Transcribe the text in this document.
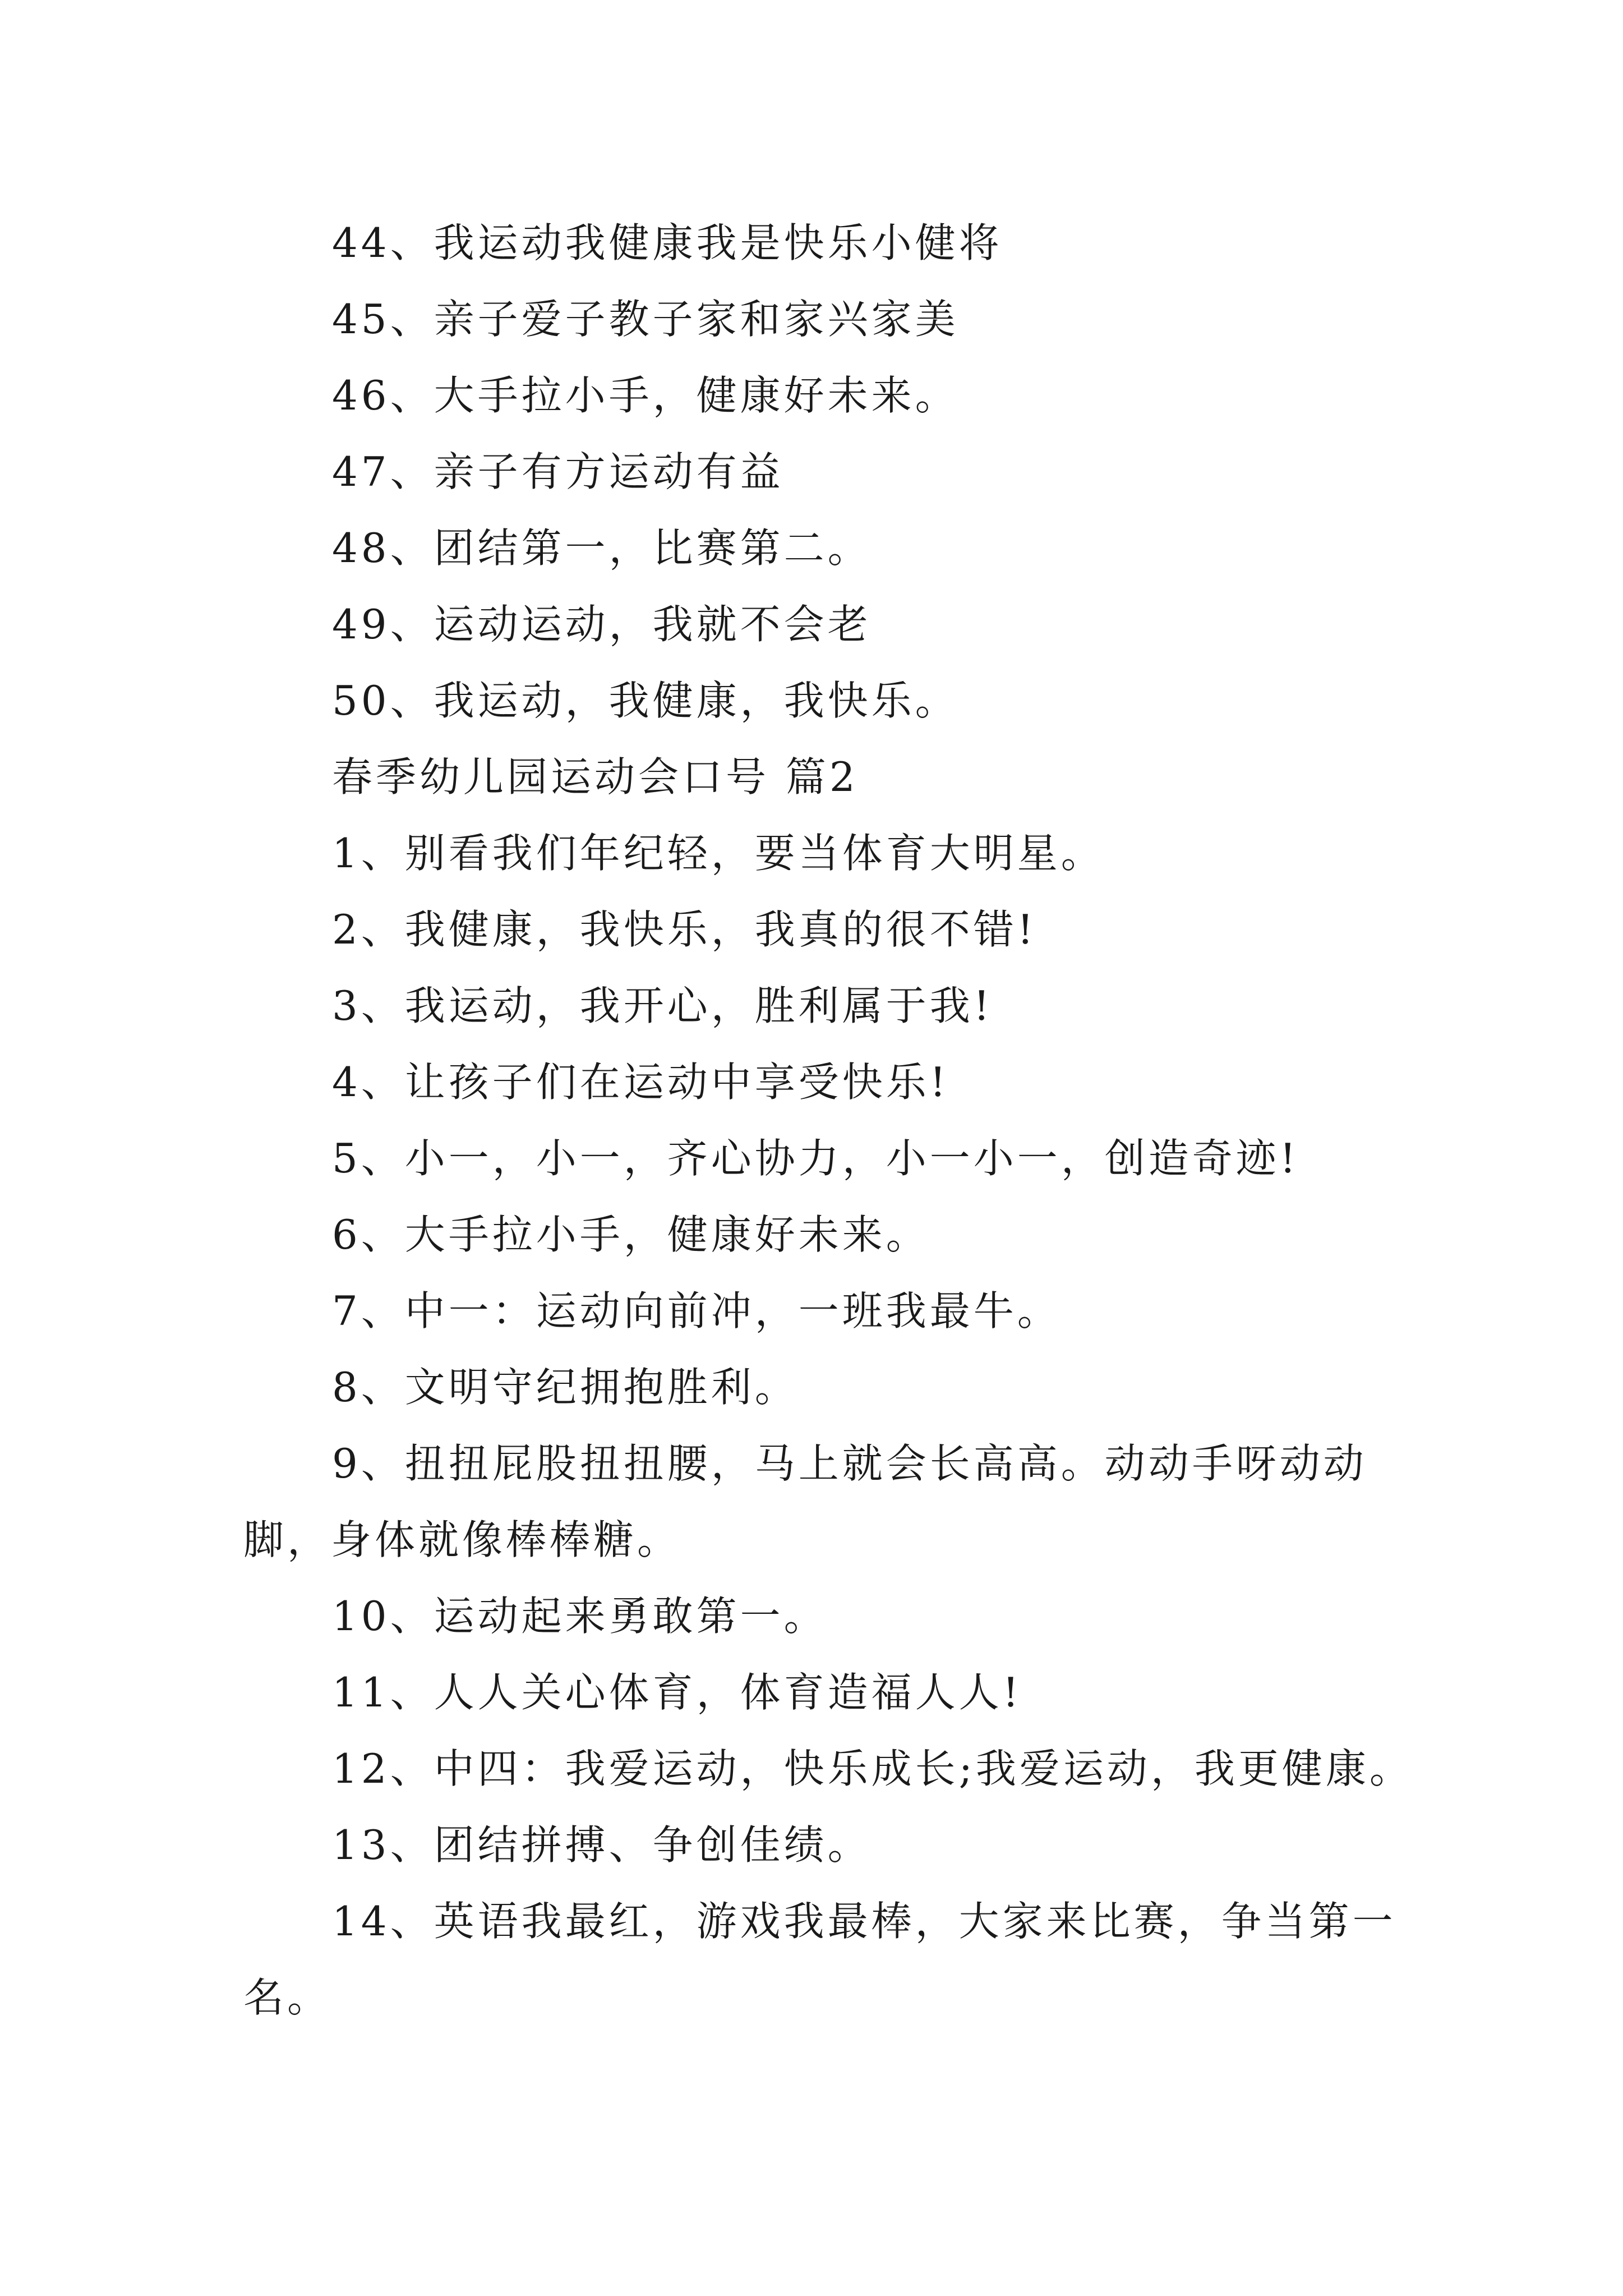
44、我运动我健康我是快乐小健将
45、亲子爱子教子家和家兴家美
46、大手拉小手，健康好未来。
47、亲子有方运动有益
48、团结第一，比赛第二。
49、运动运动，我就不会老
50、我运动，我健康，我快乐。
春季幼儿园运动会口号 篇2
1、别看我们年纪轻，要当体育大明星。
2、我健康，我快乐，我真的很不错!
3、我运动，我开心，胜利属于我!
4、让孩子们在运动中享受快乐!
5、小一，小一，齐心协力，小一小一，创造奇迹!
6、大手拉小手，健康好未来。
7、中一：运动向前冲，一班我最牛。
8、文明守纪拥抱胜利。
9、扭扭屁股扭扭腰，马上就会长高高。动动手呀动动
脚，身体就像棒棒糖。
10、运动起来勇敢第一。
11、人人关心体育，体育造福人人!
12、中四：我爱运动，快乐成长;我爱运动，我更健康。
13、团结拼搏、争创佳绩。
14、英语我最红，游戏我最棒，大家来比赛，争当第一
名。
